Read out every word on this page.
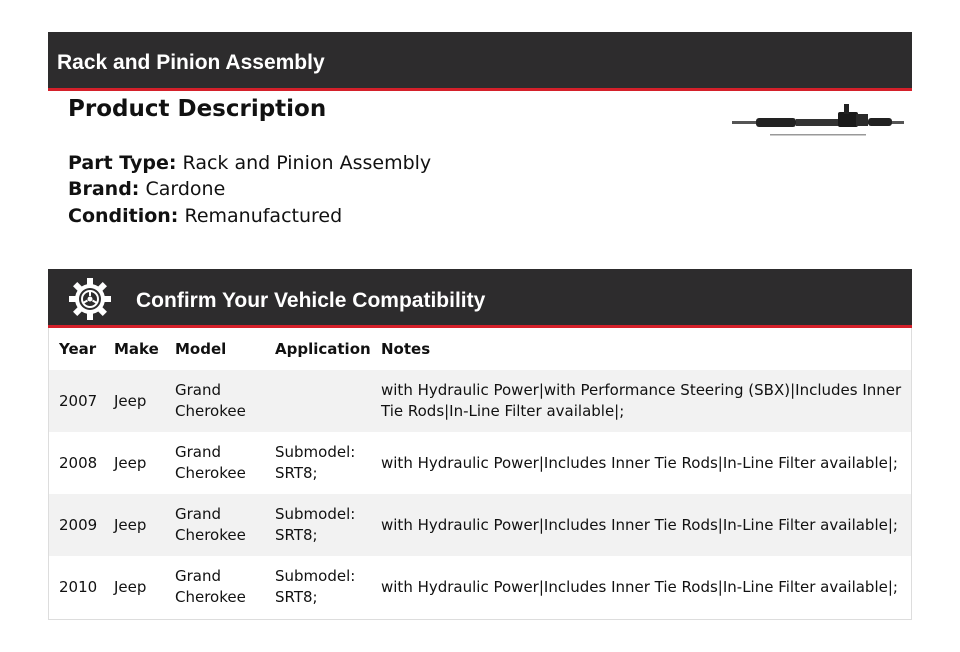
Rack and Pinion Assembly
Product Description
Part Type: Rack and Pinion Assembly
Brand: Cardone
Condition: Remanufactured
Confirm Your Vehicle Compatibility
Year	Make	Model	Application	Notes
2007	Jeep	Grand Cherokee		with Hydraulic Power|with Performance Steering (SBX)|Includes Inner Tie Rods|In-Line Filter available|;
2008	Jeep	Grand Cherokee	Submodel: SRT8;	with Hydraulic Power|Includes Inner Tie Rods|In-Line Filter available|;
2009	Jeep	Grand Cherokee	Submodel: SRT8;	with Hydraulic Power|Includes Inner Tie Rods|In-Line Filter available|;
2010	Jeep	Grand Cherokee	Submodel: SRT8;	with Hydraulic Power|Includes Inner Tie Rods|In-Line Filter available|;
